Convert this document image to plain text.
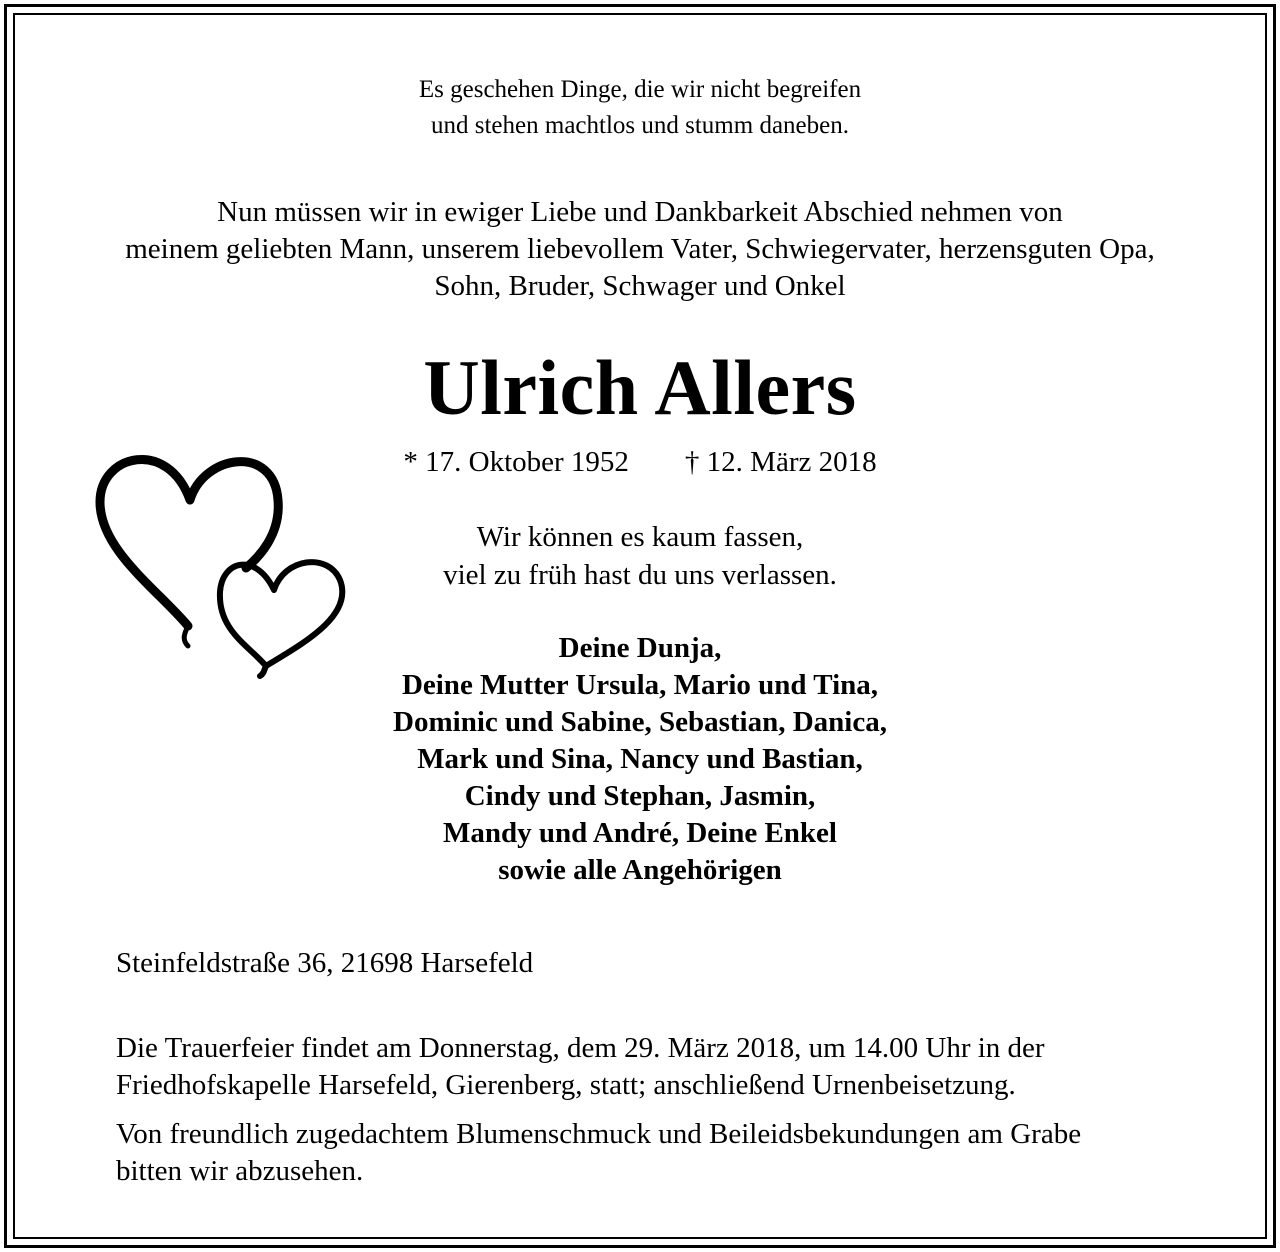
Es geschehen Dinge, die wir nicht begreifen
und stehen machtlos und stumm daneben.
Nun müssen wir in ewiger Liebe und Dankbarkeit Abschied nehmen von
meinem geliebten Mann, unserem liebevollem Vater, Schwiegervater, herzensguten Opa,
Sohn, Bruder, Schwager und Onkel
Ulrich Allers
* 17. Oktober 1952 † 12. März 2018
Wir können es kaum fassen,
viel zu früh hast du uns verlassen.
Deine Dunja,
Deine Mutter Ursula, Mario und Tina,
Dominic und Sabine, Sebastian, Danica,
Mark und Sina, Nancy und Bastian,
Cindy und Stephan, Jasmin,
Mandy und André, Deine Enkel
sowie alle Angehörigen
Steinfeldstraße 36, 21698 Harsefeld
Die Trauerfeier findet am Donnerstag, dem 29. März 2018, um 14.00 Uhr in der
Friedhofskapelle Harsefeld, Gierenberg, statt; anschließend Urnenbeisetzung.
Von freundlich zugedachtem Blumenschmuck und Beileidsbekundungen am Grabe
bitten wir abzusehen.
